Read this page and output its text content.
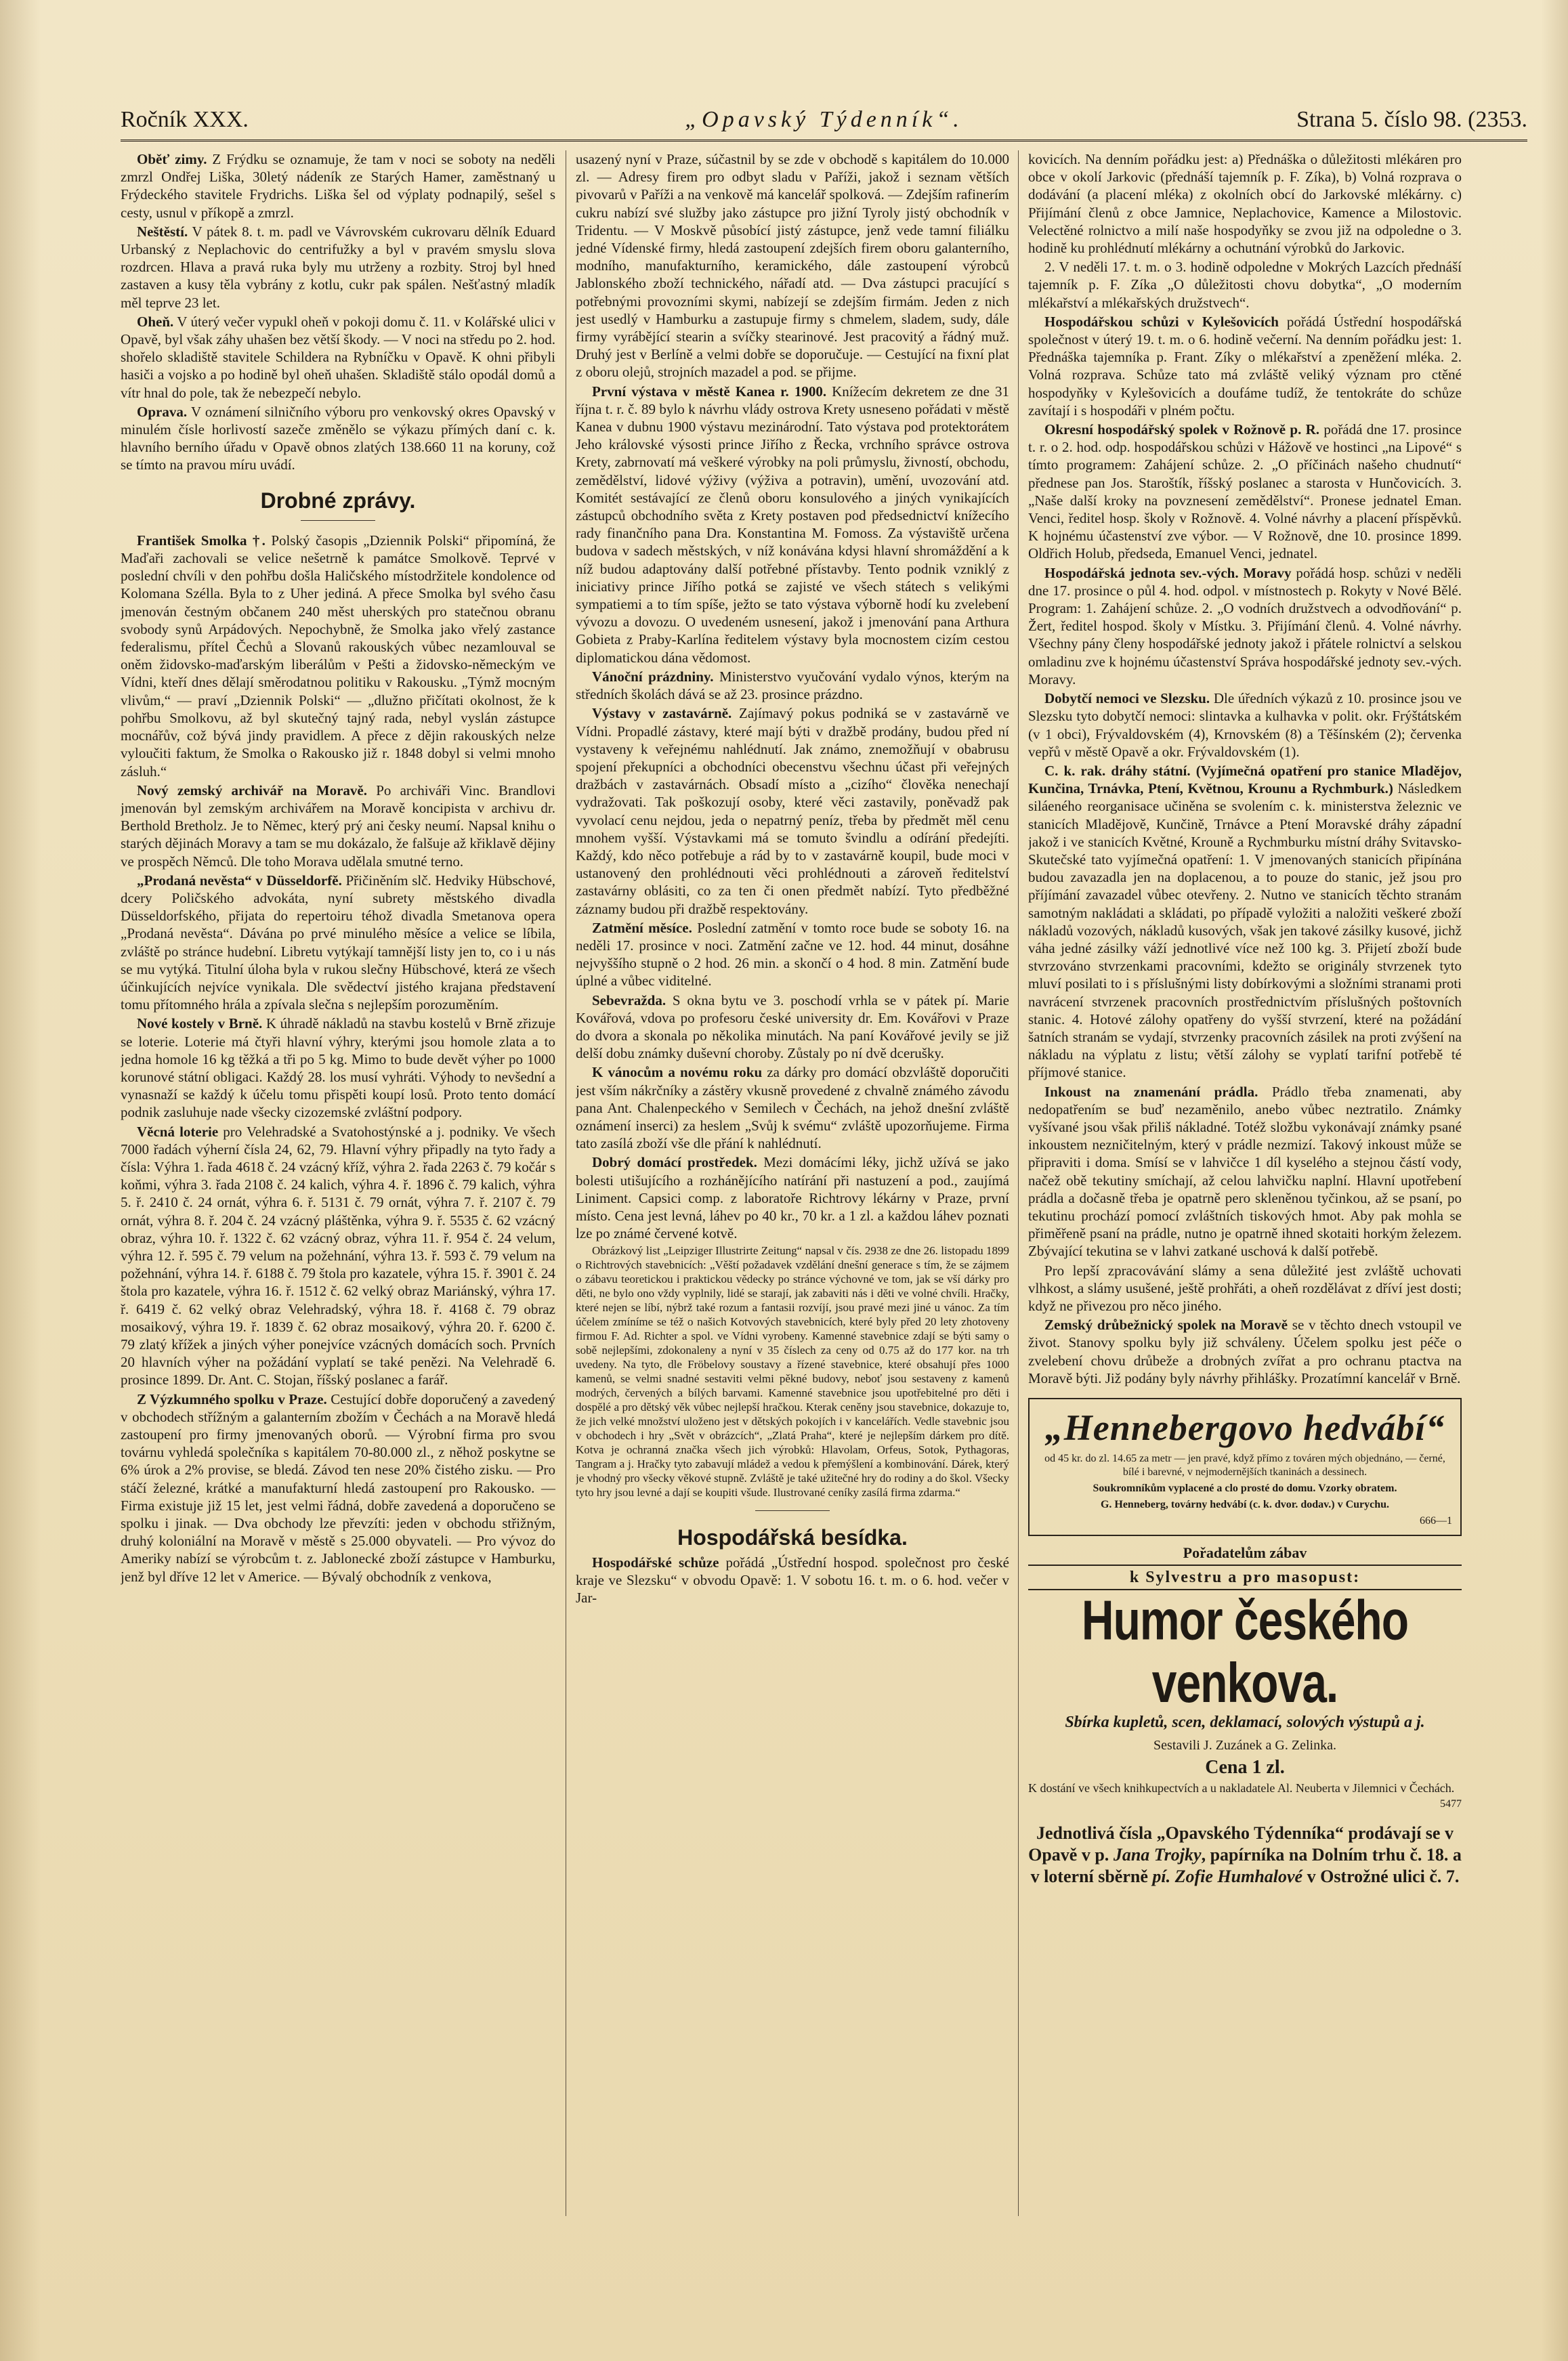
Ročník XXX.	„Opavský Týdenník“.	Strana 5. číslo 98. (2353.

Oběť zimy. Z Frýdku se oznamuje, že tam v noci se soboty na neděli zmrzl Ondřej Liška, 30letý nádeník ze Starých Hamer, zaměstnaný u Frýdeckého stavitele Frydrichs. Liška šel od výplaty podnapilý, sešel s cesty, usnul v příkopě a zmrzl.

Neštěstí. V pátek 8. t. m. padl ve Vávrovském cukrovaru dělník Eduard Urbanský z Neplachovic do centrifužky a byl v pravém smyslu slova rozdrcen. Hlava a pravá ruka byly mu utrženy a rozbity. Stroj byl hned zastaven a kusy těla vybrány z kotlu, cukr pak spálen. Nešťastný mladík měl teprve 23 let.

Oheň. V úterý večer vypukl oheň v pokoji domu č. 11. v Kolářské ulici v Opavě, byl však záhy uhašen bez větší škody. — V noci na středu po 2. hod. shořelo skladiště stavitele Schildera na Rybníčku v Opavě. K ohni přibyli hasiči a vojsko a po hodině byl oheň uhašen. Skladiště stálo opodál domů a vítr hnal do pole, tak že nebezpečí nebylo.

Oprava. V oznámení silničního výboru pro venkovský okres Opavský v minulém čísle horlivostí sazeče změnělo se výkazu přímých daní c. k. hlavního berního úřadu v Opavě obnos zlatých 138.660 11 na koruny, což se tímto na pravou míru uvádí.

Drobné zprávy.

František Smolka †. Polský časopis „Dziennik Polski“ připomíná, že Maďaři zachovali se velice nešetrně k památce Smolkově. Teprvé v poslední chvíli v den pohřbu došla Haličského místodržitele kondolence od Kolomana Szélla. Byla to z Uher jediná. A přece Smolka byl svého času jmenován čestným občanem 240 měst uherských pro statečnou obranu svobody synů Arpádových. Nepochybně, že Smolka jako vřelý zastance federalismu, přítel Čechů a Slovanů rakouských vůbec nezamlouval se oněm židovsko-maďarským liberálům v Pešti a židovsko-německým ve Vídni, kteří dnes dělají směrodatnou politiku v Rakousku. „Týmž mocným vlivům,“ — praví „Dziennik Polski“ — „dlužno přičítati okolnost, že k pohřbu Smolkovu, až byl skutečný tajný rada, nebyl vyslán zástupce mocnářův, což bývá jindy pravidlem. A přece z dějin rakouských nelze vyloučiti faktum, že Smolka o Rakousko již r. 1848 dobyl si velmi mnoho zásluh.“

Nový zemský archivář na Moravě. Po archiváři Vinc. Brandlovi jmenován byl zemským archivářem na Moravě koncipista v archivu dr. Berthold Bretholz. Je to Němec, který prý ani česky neumí. Napsal knihu o starých dějinách Moravy a tam se mu dokázalo, že falšuje až křiklavě dějiny ve prospěch Němců. Dle toho Morava udělala smutné terno.

„Prodaná nevěsta“ v Düsseldorfě. Přičiněním slč. Hedviky Hübschové, dcery Poličského advokáta, nyní subrety městského divadla Düsseldorfského, přijata do repertoiru téhož divadla Smetanova opera „Prodaná nevěsta“. Dávána po prvé minulého měsíce a velice se líbila, zvláště po stránce hudební. Libretu vytýkají tamnější listy jen to, co i u nás se mu vytýká. Titulní úloha byla v rukou slečny Hübschové, která ze všech účinkujících nejvíce vynikala. Dle svědectví jistého krajana představení tomu přítomného hrála a zpívala slečna s nejlepším porozuměním.

Nové kostely v Brně. K úhradě nákladů na stavbu kostelů v Brně zřizuje se loterie. Loterie má čtyři hlavní výhry, kterými jsou homole zlata a to jedna homole 16 kg těžká a tři po 5 kg. Mimo to bude devět výher po 1000 korunové státní obligaci. Každý 28. los musí vyhráti. Výhody to nevšední a vynasnaží se každý k účelu tomu přispěti koupí losů. Proto tento domácí podnik zasluhuje nade všecky cizozemské zvláštní podpory.

Věcná loterie pro Velehradské a Svatohostýnské a j. podniky. Ve všech 7000 řadách výherní čísla 24, 62, 79. Hlavní výhry připadly na tyto řady a čísla: Výhra 1. řada 4618 č. 24 vzácný kříž, výhra 2. řada 2263 č. 79 kočár s koňmi, výhra 3. řada 2108 č. 24 kalich, výhra 4. ř. 1896 č. 79 kalich, výhra 5. ř. 2410 č. 24 ornát, výhra 6. ř. 5131 č. 79 ornát, výhra 7. ř. 2107 č. 79 ornát, výhra 8. ř. 204 č. 24 vzácný pláštěnka, výhra 9. ř. 5535 č. 62 vzácný obraz, výhra 10. ř. 1322 č. 62 vzácný obraz, výhra 11. ř. 954 č. 24 velum, výhra 12. ř. 595 č. 79 velum na požehnání, výhra 13. ř. 593 č. 79 velum na požehnání, výhra 14. ř. 6188 č. 79 štola pro kazatele, výhra 15. ř. 3901 č. 24 štola pro kazatele, výhra 16. ř. 1512 č. 62 velký obraz Mariánský, výhra 17. ř. 6419 č. 62 velký obraz Velehradský, výhra 18. ř. 4168 č. 79 obraz mosaikový, výhra 19. ř. 1839 č. 62 obraz mosaikový, výhra 20. ř. 6200 č. 79 zlatý křížek a jiných výher ponejvíce vzácných domácích soch. Prvních 20 hlavních výher na požádání vyplatí se také penězi. Na Velehradě 6. prosince 1899. Dr. Ant. C. Stojan, říšský poslanec a farář.

Z Výzkumného spolku v Praze. Cestující dobře doporučený a zavedený v obchodech střížným a galanterním zbožím v Čechách a na Moravě hledá zastoupení pro firmy jmenovaných oborů. — Výrobní firma pro svou továrnu vyhledá společníka s kapitálem 70-80.000 zl., z něhož poskytne se 6% úrok a 2% provise, se bledá. Závod ten nese 20% čistého zisku. — Pro stáčí železné, krátké a manufakturní hledá zastoupení pro Rakousko. — Firma existuje již 15 let, jest velmi řádná, dobře zavedená a doporučeno se spolku i jinak. — Dva obchody lze převzíti: jeden v obchodu střižným, druhý koloniální na Moravě v městě s 25.000 obyvateli. — Pro vývoz do Ameriky nabízí se výrobcům t. z. Jablonecké zboží zástupce v Hamburku, jenž byl dříve 12 let v Americe. — Bývalý obchodník z venkova,

usazený nyní v Praze, súčastnil by se zde v obchodě s kapitálem do 10.000 zl. — Adresy firem pro odbyt sladu v Paříži, jakož i seznam větších pivovarů v Paříži a na venkově má kancelář spolková. — Zdejším rafinerím cukru nabízí své služby jako zástupce pro jižní Tyroly jistý obchodník v Tridentu. — V Moskvě působící jistý zástupce, jenž vede tamní filiálku jedné Vídenské firmy, hledá zastoupení zdejších firem oboru galanterního, modního, manufakturního, keramického, dále zastoupení výrobců Jablonského zboží technického, nářadí atd. — Dva zástupci pracující s potřebnými provozními skymi, nabízejí se zdejším firmám. Jeden z nich jest usedlý v Hamburku a zastupuje firmy s chmelem, sladem, sudy, dále firmy vyrábějící stearin a svíčky stearinové. Jest pracovitý a řádný muž. Druhý jest v Berlíně a velmi dobře se doporučuje. — Cestující na fixní plat z oboru olejů, strojních mazadel a pod. se přijme.

První výstava v městě Kanea r. 1900. Knížecím dekretem ze dne 31 října t. r. č. 89 bylo k návrhu vlády ostrova Krety usneseno pořádati v městě Kanea v dubnu 1900 výstavu mezinárodní. Tato výstava pod protektorátem Jeho královské výsosti prince Jiřího z Řecka, vrchního správce ostrova Krety, zabrnovatí má veškeré výrobky na poli průmyslu, živností, obchodu, zemědělství, lidové výživy (výživa a potravin), umění, uvozování atd. Komitét sestávající ze členů oboru konsulového a jiných vynikajících zástupců obchodního světa z Krety postaven pod předsednictví knížecího rady finančního pana Dra. Konstantina M. Fomoss. Za výstaviště určena budova v sadech městských, v níž konávána kdysi hlavní shromáždění a k níž budou adaptovány další potřebné přístavby. Tento podnik vzniklý z iniciativy prince Jiřího potká se zajisté ve všech státech s velikými sympatiemi a to tím spíše, ježto se tato výstava výborně hodí ku zvelebení vývozu a dovozu. O uvedeném usnesení, jakož i jmenování pana Arthura Gobieta z Praby-Karlína ředitelem výstavy byla mocnostem cizím cestou diplomatickou dána vědomost.

Vánoční prázdniny. Ministerstvo vyučování vydalo výnos, kterým na středních školách dává se až 23. prosince prázdno.

Výstavy v zastavárně. Zajímavý pokus podniká se v zastavárně ve Vídni. Propadlé zástavy, které mají býti v dražbě prodány, budou před ní vystaveny k veřejnému nahlédnutí. Jak známo, znemožňují v obabrusu spojení překupníci a obchodníci obecenstvu všechnu účast při veřejných dražbách v zastavárnách. Obsadí místo a „cizího“ člověka nenechají vydražovati. Tak poškozují osoby, které věci zastavily, poněvadž pak vyvolací cenu nejdou, jeda o nepatrný peníz, třeba by předmět měl cenu mnohem vyšší. Výstavkami má se tomuto švindlu a odírání předejíti. Každý, kdo něco potřebuje a rád by to v zastavárně koupil, bude moci v ustanovený den prohlédnouti věci prohlédnouti a zároveň ředitelství zastavárny oblásiti, co za ten či onen předmět nabízí. Tyto předběžné záznamy budou při dražbě respektovány.

Zatmění měsíce. Poslední zatmění v tomto roce bude se soboty 16. na neděli 17. prosince v noci. Zatmění začne ve 12. hod. 44 minut, dosáhne nejvyššího stupně o 2 hod. 26 min. a skončí o 4 hod. 8 min. Zatmění bude úplné a vůbec viditelné.

Sebevražda. S okna bytu ve 3. poschodí vrhla se v pátek pí. Marie Kovářová, vdova po profesoru české university dr. Em. Kovářovi v Praze do dvora a skonala po několika minutách. Na paní Kovářové jevily se již delší dobu známky duševní choroby. Zůstaly po ní dvě dcerušky.

K vánocům a novému roku za dárky pro domácí obzvláště doporučiti jest vším nákrčníky a zástěry vkusně provedené z chvalně známého závodu pana Ant. Chalenpeckého v Semilech v Čechách, na jehož dnešní zvláště oznámení inserci) za heslem „Svůj k svému“ zvláště upozorňujeme. Firma tato zasílá zboží vše dle přání k nahlédnutí.

Dobrý domácí prostředek. Mezi domácími léky, jichž užívá se jako bolesti utišujícího a rozhánějícího natírání při nastuzení a pod., zaujímá Liniment. Capsici comp. z laboratoře Richtrovy lékárny v Praze, první místo. Cena jest levná, láhev po 40 kr., 70 kr. a 1 zl. a každou láhev poznati lze po známé červené kotvě.

Obrázkový list „Leipziger Illustrirte Zeitung“ napsal v čís. 2938 ze dne 26. listopadu 1899 o Richtrových stavebnicích: „Věští požadavek vzdělání dnešní generace s tím, že se zájmem o zábavu teoretickou i praktickou vědecky po stránce výchovné ve tom, jak se vší dárky pro děti, ne bylo ono vždy vyplnily, lidé se starají, jak zabaviti nás i děti ve volné chvíli. Hračky, které nejen se líbí, nýbrž také rozum a fantasii rozvíjí, jsou pravé mezi jiné u vánoc. Za tím účelem zmíníme se též o našich Kotvových stavebnicích, které byly před 20 lety zhotoveny firmou F. Ad. Richter a spol. ve Vídni vyrobeny. Kamenné stavebnice zdají se býti samy o sobě nejlepšími, zdokonaleny a nyní v 35 číslech za ceny od 0.75 až do 177 kor. na trh uvedeny. Na tyto, dle Fröbelovy soustavy a řízené stavebnice, které obsahují přes 1000 kamenů, se velmi snadné sestaviti velmi pěkné budovy, neboť jsou sestaveny z kamenů modrých, červených a bílých barvami. Kamenné stavebnice jsou upotřebitelné pro děti i dospělé a pro dětský věk vůbec nejlepší hračkou. Kterak ceněny jsou stavebnice, dokazuje to, že jich velké množství uloženo jest v dětských pokojích i v kancelářích. Vedle stavebnic jsou v obchodech i hry „Svět v obrázcích“, „Zlatá Praha“, které je nejlepším dárkem pro dítě. Kotva je ochranná značka všech jich výrobků: Hlavolam, Orfeus, Sotok, Pythagoras, Tangram a j. Hračky tyto zabavují mládež a vedou k přemýšlení a kombinování. Dárek, který je vhodný pro všecky věkové stupně. Zvláště je také užitečné hry do rodiny a do škol. Všecky tyto hry jsou levné a dají se koupiti všude. Ilustrované ceníky zasílá firma zdarma.“

Hospodářská besídka.

Hospodářské schůze pořádá „Ústřední hospod. společnost pro české kraje ve Slezsku“ v obvodu Opavě: 1. V sobotu 16. t. m. o 6. hod. večer v Jar-

kovicích. Na denním pořádku jest: a) Přednáška o důležitosti mlékáren pro obce v okolí Jarkovic (přednáší tajemník p. F. Zíka), b) Volná rozprava o dodávání (a placení mléka) z okolních obcí do Jarkovské mlékárny. c) Přijímání členů z obce Jamnice, Neplachovice, Kamence a Milostovic. Velectěné rolnictvo a milí naše hospodyňky se zvou již na odpoledne o 3. hodině ku prohlédnutí mlékárny a ochutnání výrobků do Jarkovic.

2. V neděli 17. t. m. o 3. hodině odpoledne v Mokrých Lazcích přednáší tajemník p. F. Zíka „O důležitosti chovu dobytka“, „O moderním mlékařství a mlékařských družstvech“.

Hospodářskou schůzi v Kylešovicích pořádá Ústřední hospodářská společnost v úterý 19. t. m. o 6. hodině večerní. Na denním pořádku jest: 1. Přednáška tajemníka p. Frant. Zíky o mlékařství a zpeněžení mléka. 2. Volná rozprava. Schůze tato má zvláště veliký význam pro ctěné hospodyňky v Kylešovicích a doufáme tudíž, že tentokráte do schůze zavítají i s hospodáři v plném počtu.

Okresní hospodářský spolek v Rožnově p. R. pořádá dne 17. prosince t. r. o 2. hod. odp. hospodářskou schůzi v Hážově ve hostinci „na Lipové“ s tímto programem: Zahájení schůze. 2. „O příčinách našeho chudnutí“ přednese pan Jos. Staroštík, říšský poslanec a starosta v Hunčovicích. 3. „Naše další kroky na povznesení zemědělství“. Pronese jednatel Eman. Venci, ředitel hosp. školy v Rožnově. 4. Volné návrhy a placení příspěvků. K hojnému účastenství zve výbor. — V Rožnově, dne 10. prosince 1899. Oldřich Holub, předseda, Emanuel Venci, jednatel.

Hospodářská jednota sev.-vých. Moravy pořádá hosp. schůzi v neděli dne 17. prosince o půl 4. hod. odpol. v místnostech p. Rokyty v Nové Bělé. Program: 1. Zahájení schůze. 2. „O vodních družstvech a odvodňování“ p. Žert, ředitel hospod. školy v Místku. 3. Přijímání členů. 4. Volné návrhy. Všechny pány členy hospodářské jednoty jakož i přátele rolnictví a selskou omladinu zve k hojnému účastenství Správa hospodářské jednoty sev.-vých. Moravy.

Dobytčí nemoci ve Slezsku. Dle úředních výkazů z 10. prosince jsou ve Slezsku tyto dobytčí nemoci: slintavka a kulhavka v polit. okr. Frýštátském (v 1 obci), Frývaldovském (4), Krnovském (8) a Těšínském (2); červenka vepřů v městě Opavě a okr. Frývaldovském (1).

C. k. rak. dráhy státní. (Vyjímečná opatření pro stanice Mladějov, Kunčina, Trnávka, Ptení, Květnou, Krounu a Rychmburk.) Následkem siláeného reorganisace učiněna se svolením c. k. ministerstva železnic ve stanicích Mladějově, Kunčině, Trnávce a Ptení Moravské dráhy západní jakož i ve stanicích Květné, Krouně a Rychmburku místní dráhy Svitavsko-Skutečské tato vyjímečná opatření: 1. V jmenovaných stanicích připínána budou zavazadla jen na doplacenou, a to pouze do stanic, jež jsou pro příjímání zavazadel vůbec otevřeny. 2. Nutno ve stanicích těchto stranám samotným nakládati a skládati, po případě vyložiti a naložiti veškeré zboží nákladů vozových, nákladů kusových, však jen takové zásilky kusové, jichž váha jedné zásilky váží jednotlivé více než 100 kg. 3. Přijetí zboží bude stvrzováno stvrzenkami pracovními, kdežto se originály stvrzenek tyto mluví posilati to i s příslušnými listy dobírkovými a složními stranami proti navrácení stvrzenek pracovních prostřednictvím příslušných poštovních stanic. 4. Hotové zálohy opatřeny do vyšší stvrzení, které na požádání šatních stranám se vydají, stvrzenky pracovních zásilek na proti zvýšení na nákladu na výplatu z listu; větší zálohy se vyplatí tarifní potřebě té příjmové stanice.

Inkoust na znamenání prádla. Prádlo třeba znamenati, aby nedopatřením se buď nezaměnilo, anebo vůbec neztratilo. Známky vyšívané jsou však přiliš nákladné. Totéž složbu vykonávají známky psané inkoustem nezničitelným, který v prádle nezmizí. Takový inkoust může se připraviti i doma. Smísí se v lahvičce 1 díl kyselého a stejnou částí vody, načež obě tekutiny smíchají, až celou lahvičku naplní. Hlavní upotřebení prádla a dočasně třeba je opatrně pero skleněnou tyčinkou, až se psaní, po tekutinu prochází pomocí zvláštních tiskových hmot. Aby pak mohla se přiměřeně psaní na prádle, nutno je opatrně ihned skotaiti horkým železem. Zbývající tekutina se v lahvi zatkané uschová k další potřebě.

Pro lepší zpracovávání slámy a sena důležité jest zvláště uchovati vlhkost, a slámy usušené, ještě prohřáti, a oheň rozdělávat z dříví jest dosti; když ne přivezou pro něco jiného.

Zemský drůbežnický spolek na Moravě se v těchto dnech vstoupil ve život. Stanovy spolku byly již schváleny. Účelem spolku jest péče o zvelebení chovu drůbeže a drobných zvířat a pro ochranu ptactva na Moravě býti. Již podány byly návrhy přihlášky. Prozatímní kancelář v Brně.

„Hennebergovo hedvábí“
od 45 kr. do zl. 14.65 za metr — jen pravé, když přímo z továren mých objednáno, — černé, bílé i barevné, v nejmodernějších tkaninách a dessinech.
Soukromníkům vyplacené a clo prosté do domu. Vzorky obratem.
G. Henneberg, továrny hedvábí (c. k. dvor. dodav.) v Curychu.
666—1
Pořadatelům zábav
k Sylvestru a pro masopust:
Humor českého venkova.
Sbírka kupletů, scen, deklamací, solových výstupů a j.
Sestavili J. Zuzánek a G. Zelinka.
Cena 1 zl.
K dostání ve všech knihkupectvích a u nakladatele Al. Neuberta v Jilemnici v Čechách.
5477
Jednotlivá čísla „Opavského Týdenníka“ prodávají se v Opavě v p. Jana Trojky, papírníka na Dolním trhu č. 18. a v loterní sběrně pí. Zofie Humhalové v Ostrožné ulici č. 7.
